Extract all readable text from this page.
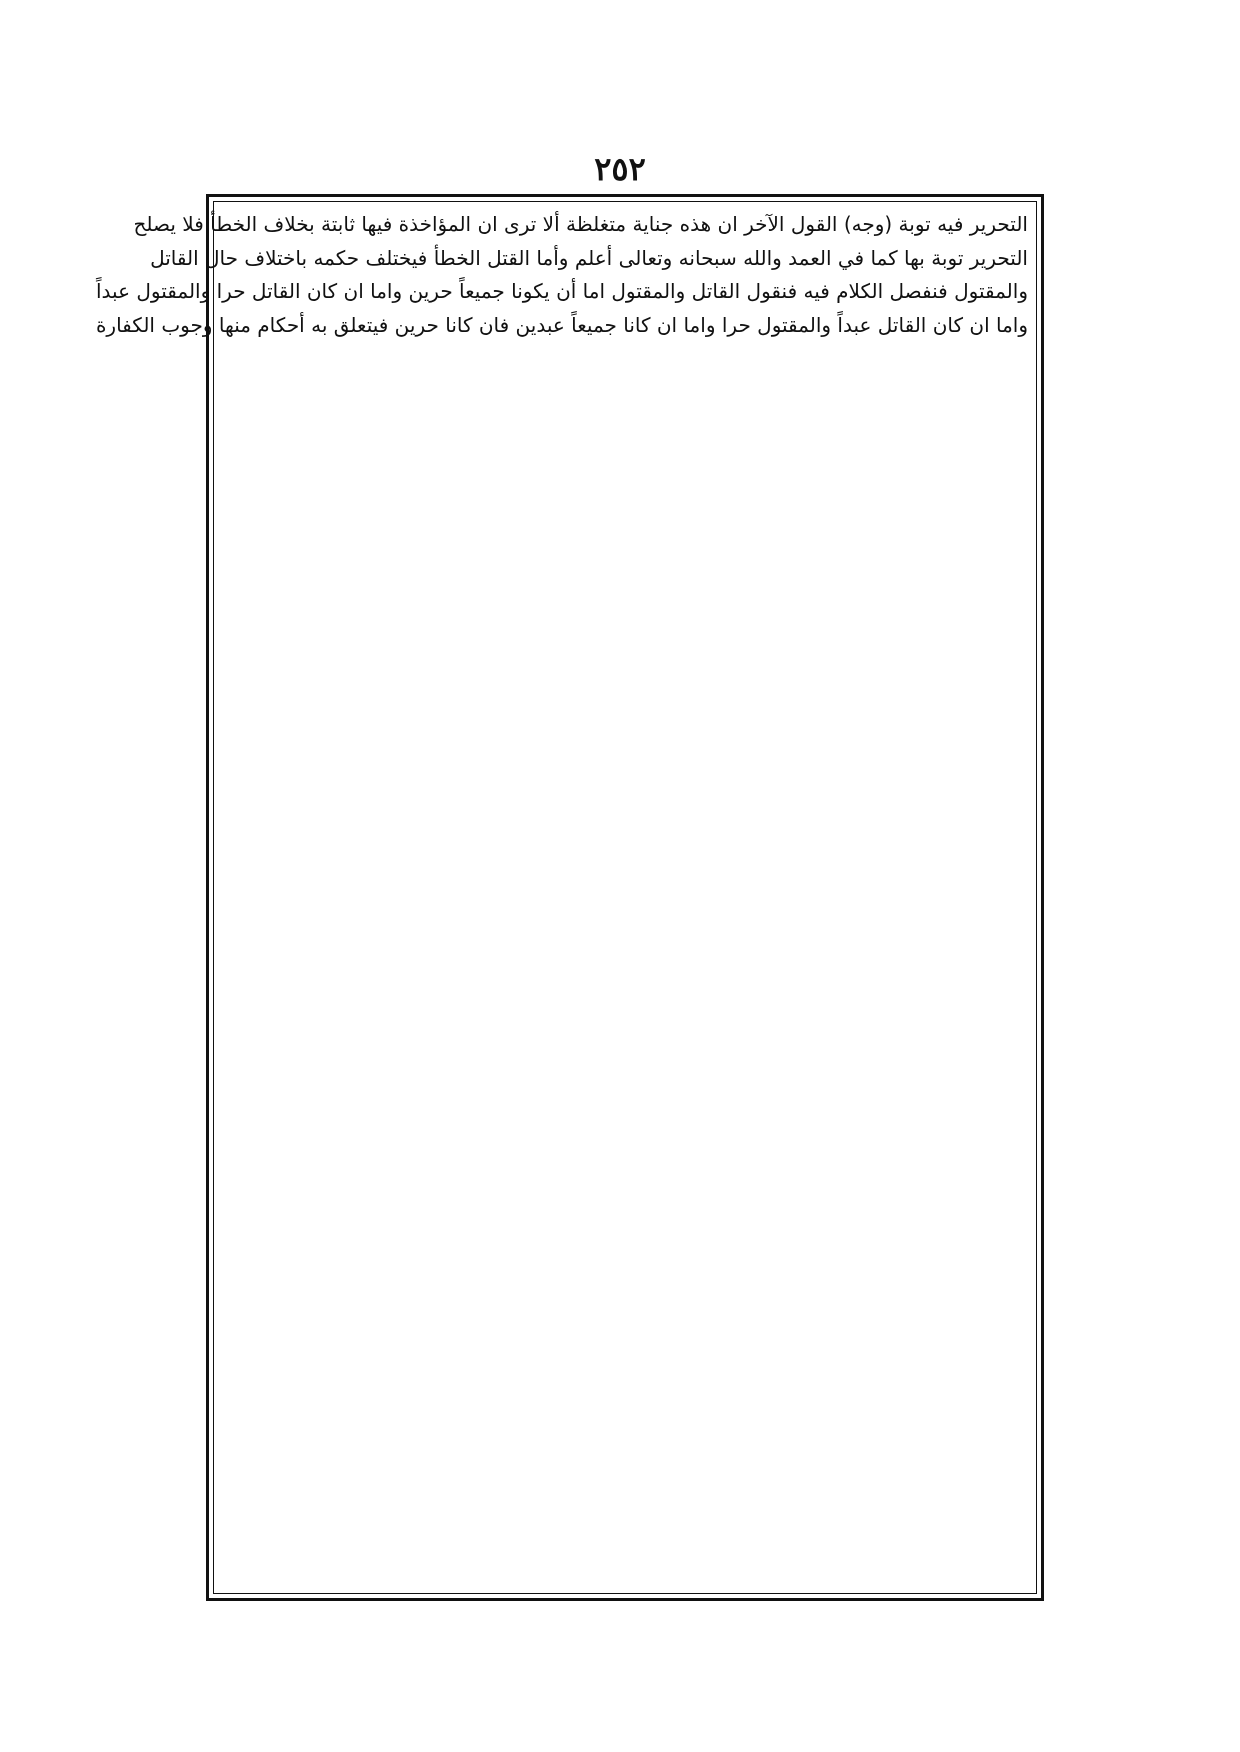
٢٥٢
التحرير فيه توبة (وجه) القول الآخر ان هذه جناية متغلظة ألا ترى ان المؤاخذة فيها ثابتة بخلاف الخطأ فلا يصلح
التحرير توبة بها كما في العمد والله سبحانه وتعالى أعلم وأما القتل الخطأ فيختلف حكمه باختلاف حال القاتل
والمقتول فنفصل الكلام فيه فنقول القاتل والمقتول اما أن يكونا جميعاً حرين واما ان كان القاتل حرا والمقتول عبداً
واما ان كان القاتل عبداً والمقتول حرا واما ان كانا جميعاً عبدين فان كانا حرين فيتعلق به أحكام منها وجوب الكفارة
